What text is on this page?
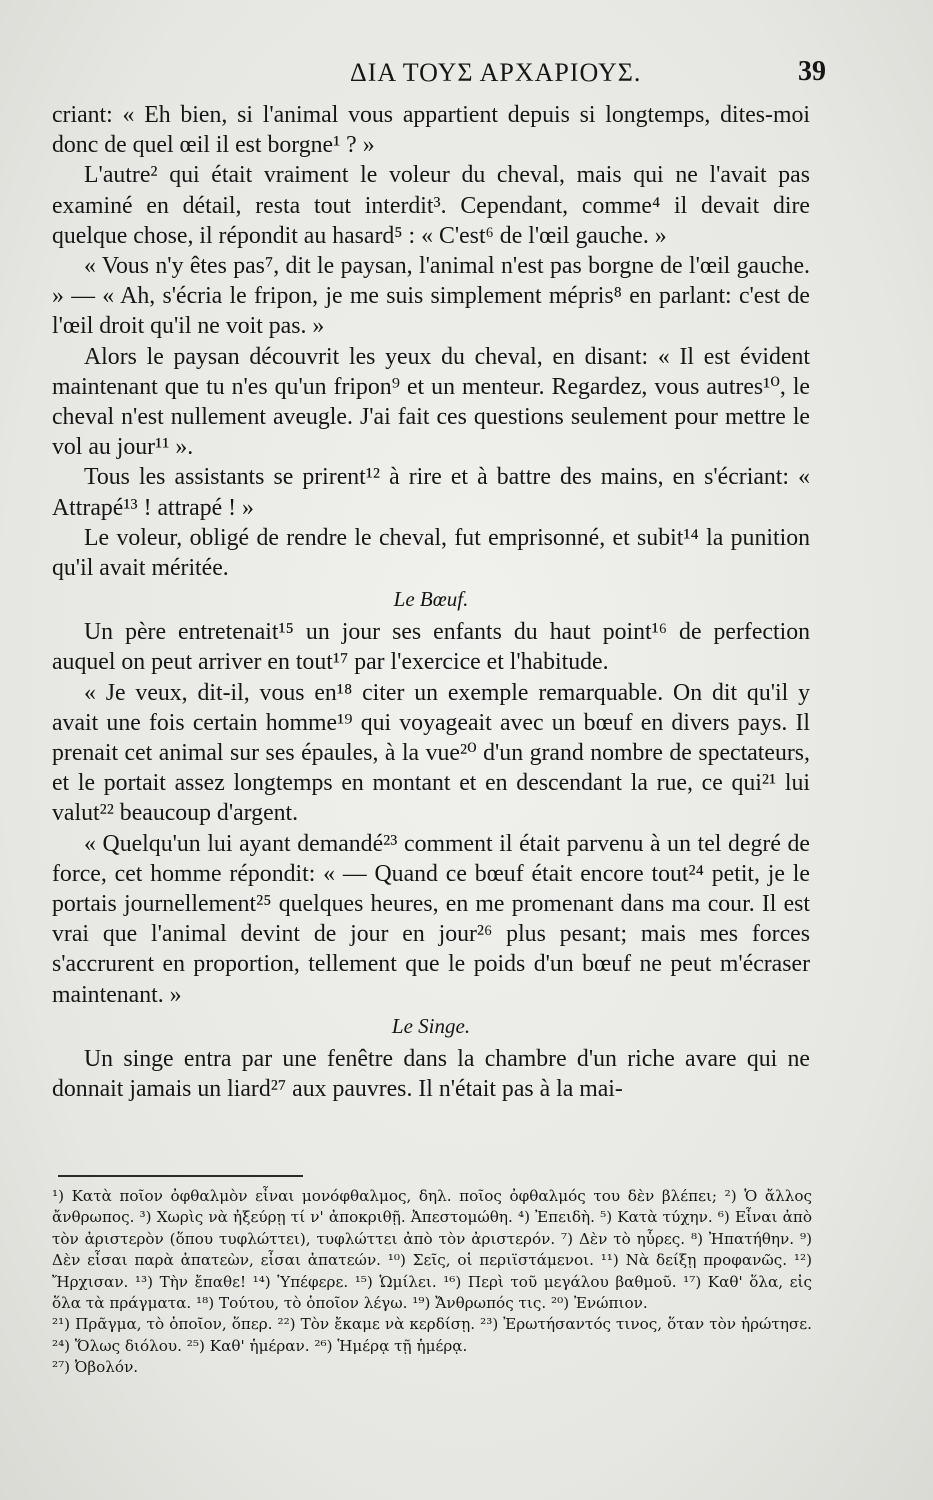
ΔΙΑ ΤΟΥΣ ΑΡΧΑΡΙΟΥΣ.	39

criant: « Eh bien, si l'animal vous appartient depuis si longtemps, dites-moi donc de quel œil il est borgne¹ ? »

L'autre² qui était vraiment le voleur du cheval, mais qui ne l'avait pas examiné en détail, resta tout interdit³. Cependant, comme⁴ il devait dire quelque chose, il répondit au hasard⁵ : « C'est⁶ de l'œil gauche. »

« Vous n'y êtes pas⁷, dit le paysan, l'animal n'est pas borgne de l'œil gauche. » — « Ah, s'écria le fripon, je me suis simplement mépris⁸ en parlant: c'est de l'œil droit qu'il ne voit pas. »

Alors le paysan découvrit les yeux du cheval, en disant: « Il est évident maintenant que tu n'es qu'un fripon⁹ et un menteur. Regardez, vous autres¹⁰, le cheval n'est nullement aveugle. J'ai fait ces questions seulement pour mettre le vol au jour¹¹ ».

Tous les assistants se prirent¹² à rire et à battre des mains, en s'écriant: « Attrapé¹³ ! attrapé ! »

Le voleur, obligé de rendre le cheval, fut emprisonné, et subit¹⁴ la punition qu'il avait méritée.

Le Bœuf.

Un père entretenait¹⁵ un jour ses enfants du haut point¹⁶ de perfection auquel on peut arriver en tout¹⁷ par l'exercice et l'habitude.

« Je veux, dit-il, vous en¹⁸ citer un exemple remarquable. On dit qu'il y avait une fois certain homme¹⁹ qui voyageait avec un bœuf en divers pays. Il prenait cet animal sur ses épaules, à la vue²⁰ d'un grand nombre de spectateurs, et le portait assez longtemps en montant et en descendant la rue, ce qui²¹ lui valut²² beaucoup d'argent.

« Quelqu'un lui ayant demandé²³ comment il était parvenu à un tel degré de force, cet homme répondit: « — Quand ce bœuf était encore tout²⁴ petit, je le portais journellement²⁵ quelques heures, en me promenant dans ma cour. Il est vrai que l'animal devint de jour en jour²⁶ plus pesant; mais mes forces s'accrurent en proportion, tellement que le poids d'un bœuf ne peut m'écraser maintenant. »

Le Singe.

Un singe entra par une fenêtre dans la chambre d'un riche avare qui ne donnait jamais un liard²⁷ aux pauvres. Il n'était pas à la mai-

¹) Κατὰ ποῖον ὀφθαλμὸν εἶναι μονόφθαλμος, δηλ. ποῖος ὀφθαλμός του δὲν βλέπει; ²) Ὁ ἄλλος ἄνθρωπος. ³) Χωρὶς νὰ ἠξεύρῃ τί ν' ἀποκριθῇ. Ἀπεστομώθη. ⁴) Ἐπειδὴ. ⁵) Κατὰ τύχην. ⁶) Εἶναι ἀπὸ τὸν ἀριστερὸν (ὅπου τυφλώττει), τυφλώττει ἀπὸ τὸν ἀριστερόν. ⁷) Δὲν τὸ ηὗρες. ⁸) Ἠπατήθην. ⁹) Δὲν εἶσαι παρὰ ἀπατεὼν, εἶσαι ἀπατεών. ¹⁰) Σεῖς, οἱ περιϊστάμενοι. ¹¹) Νὰ δείξῃ προφανῶς. ¹²) Ἤρχισαν. ¹³) Τὴν ἔπαθε! ¹⁴) Ὑπέφερε. ¹⁵) Ὡμίλει. ¹⁶) Περὶ τοῦ μεγάλου βαθμοῦ. ¹⁷) Καθ' ὅλα, εἰς ὅλα τὰ πράγματα. ¹⁸) Τούτου, τὸ ὁποῖον λέγω. ¹⁹) Ἄνθρωπός τις. ²⁰) Ἐνώπιον.

²¹) Πρᾶγμα, τὸ ὁποῖον, ὅπερ. ²²) Τὸν ἔκαμε νὰ κερδίσῃ. ²³) Ἐρωτήσαντός τινος, ὅταν τὸν ἠρώτησε. ²⁴) Ὅλως διόλου. ²⁵) Καθ' ἡμέραν. ²⁶) Ἡμέρᾳ τῇ ἡμέρᾳ.

²⁷) Ὀβολόν.
